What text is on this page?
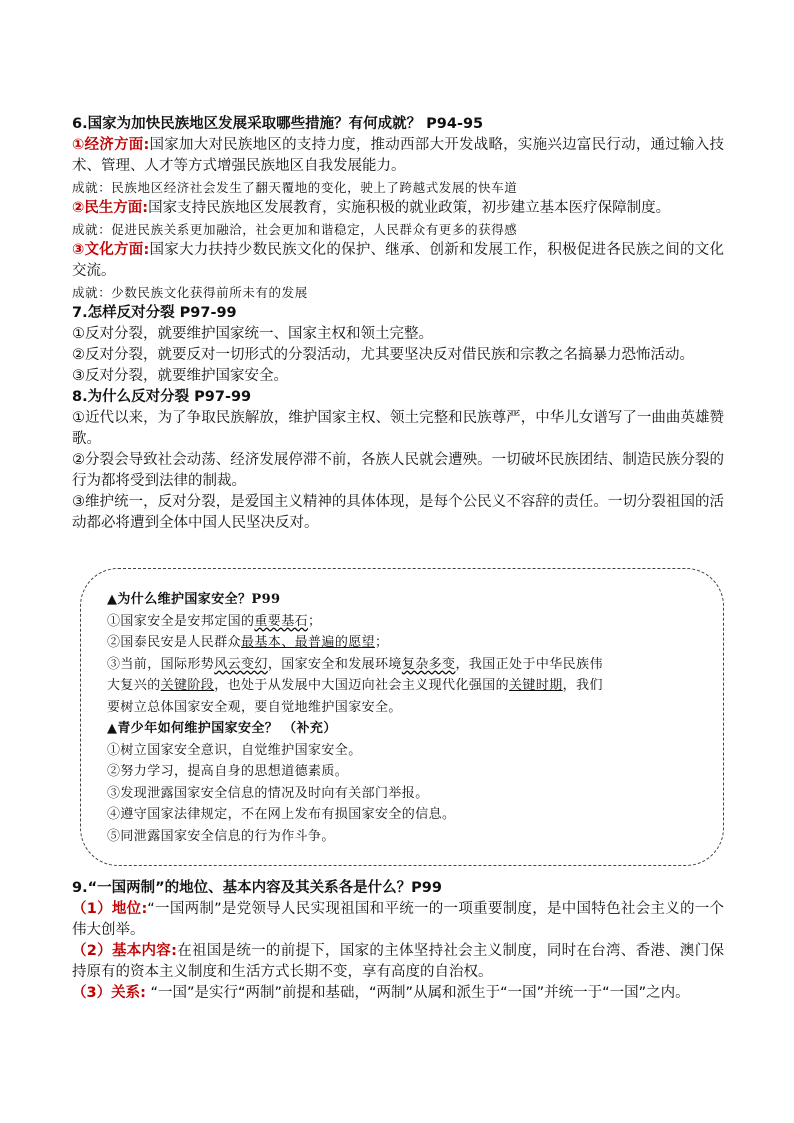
6.国家为加快民族地区发展采取哪些措施？有何成就？ P94-95

①经济方面:国家加大对民族地区的支持力度，推动西部大开发战略，实施兴边富民行动，通过输入技术、管理、人才等方式增强民族地区自我发展能力。

成就：民族地区经济社会发生了翻天覆地的变化，驶上了跨越式发展的快车道

②民生方面:国家支持民族地区发展教育，实施积极的就业政策，初步建立基本医疗保障制度。

成就：促进民族关系更加融洽，社会更加和谐稳定，人民群众有更多的获得感

③文化方面:国家大力扶持少数民族文化的保护、继承、创新和发展工作，积极促进各民族之间的文化交流。

成就：少数民族文化获得前所未有的发展

7.怎样反对分裂 P97-99

①反对分裂，就要维护国家统一、国家主权和领土完整。

②反对分裂，就要反对一切形式的分裂活动，尤其要坚决反对借民族和宗教之名搞暴力恐怖活动。

③反对分裂，就要维护国家安全。

8.为什么反对分裂 P97-99

①近代以来，为了争取民族解放，维护国家主权、领土完整和民族尊严，中华儿女谱写了一曲曲英雄赞歌。

②分裂会导致社会动荡、经济发展停滞不前，各族人民就会遭殃。一切破坏民族团结、制造民族分裂的行为都将受到法律的制裁。

③维护统一，反对分裂，是爱国主义精神的具体体现，是每个公民义不容辞的责任。一切分裂祖国的活动都必将遭到全体中国人民坚决反对。

▲为什么维护国家安全？P99

①国家安全是安邦定国的重要基石；

②国泰民安是人民群众最基本、最普遍的愿望；

③当前，国际形势风云变幻，国家安全和发展环境复杂多变，我国正处于中华民族伟

大复兴的关键阶段，也处于从发展中大国迈向社会主义现代化强国的关键时期，我们

要树立总体国家安全观，要自觉地维护国家安全。

▲青少年如何维护国家安全？ （补充）

①树立国家安全意识，自觉维护国家安全。

②努力学习，提高自身的思想道德素质。

③发现泄露国家安全信息的情况及时向有关部门举报。

④遵守国家法律规定，不在网上发布有损国家安全的信息。

⑤同泄露国家安全信息的行为作斗争。

9.“一国两制”的地位、基本内容及其关系各是什么？P99

（1）地位:“一国两制”是党领导人民实现祖国和平统一的一项重要制度，是中国特色社会主义的一个伟大创举。

（2）基本内容:在祖国是统一的前提下，国家的主体坚持社会主义制度，同时在台湾、香港、澳门保持原有的资本主义制度和生活方式长期不变，享有高度的自治权。

（3）关系: “一国”是实行“两制”前提和基础，“两制”从属和派生于“一国”并统一于“一国”之内。
